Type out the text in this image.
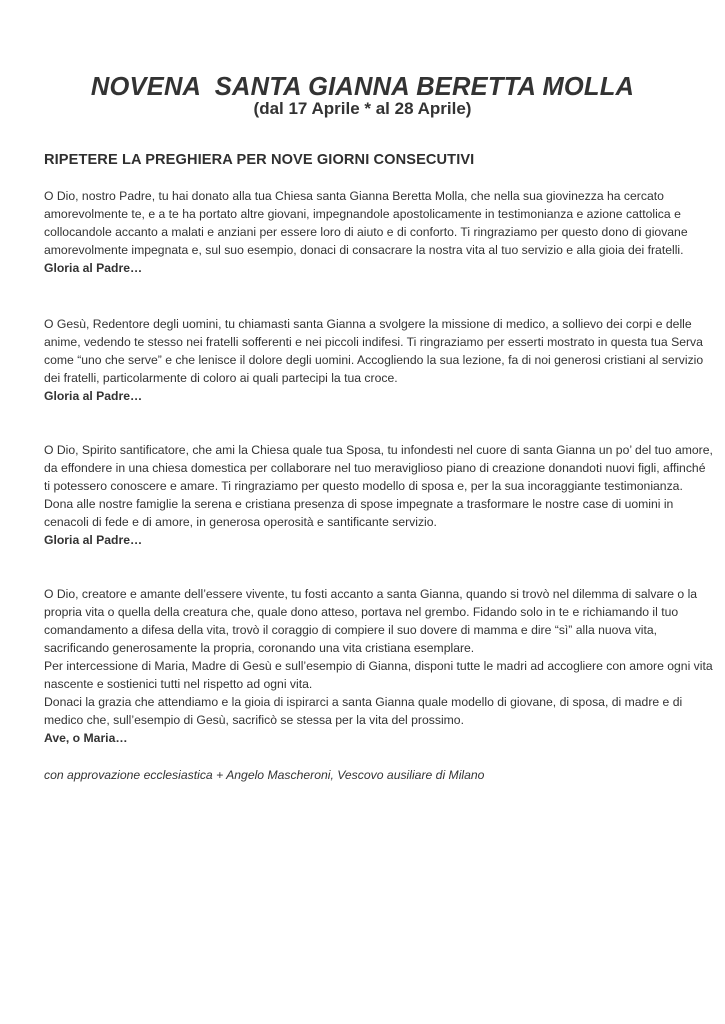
NOVENA  SANTA GIANNA BERETTA MOLLA
(dal 17 Aprile * al 28 Aprile)
RIPETERE LA PREGHIERA PER NOVE GIORNI CONSECUTIVI
O Dio, nostro Padre, tu hai donato alla tua Chiesa santa Gianna Beretta Molla, che nella sua giovinezza ha cercato
amorevolmente te, e a te ha portato altre giovani, impegnandole apostolicamente in testimonianza e azione cattolica e
collocandole accanto a malati e anziani per essere loro di aiuto e di conforto. Ti ringraziamo per questo dono di giovane
amorevolmente impegnata e, sul suo esempio, donaci di consacrare la nostra vita al tuo servizio e alla gioia dei fratelli.
Gloria al Padre…
O Gesù, Redentore degli uomini, tu chiamasti santa Gianna a svolgere la missione di medico, a sollievo dei corpi e delle
anime, vedendo te stesso nei fratelli sofferenti e nei piccoli indifesi. Ti ringraziamo per esserti mostrato in questa tua Serva
come “uno che serve” e che lenisce il dolore degli uomini. Accogliendo la sua lezione, fa di noi generosi cristiani al servizio
dei fratelli, particolarmente di coloro ai quali partecipi la tua croce.
Gloria al Padre…
O Dio, Spirito santificatore, che ami la Chiesa quale tua Sposa, tu infondesti nel cuore di santa Gianna un po’ del tuo amore,
da effondere in una chiesa domestica per collaborare nel tuo meraviglioso piano di creazione donandoti nuovi figli, affinché
ti potessero conoscere e amare. Ti ringraziamo per questo modello di sposa e, per la sua incoraggiante testimonianza.
Dona alle nostre famiglie la serena e cristiana presenza di spose impegnate a trasformare le nostre case di uomini in
cenacoli di fede e di amore, in generosa operosità e santificante servizio.
Gloria al Padre…
O Dio, creatore e amante dell’essere vivente, tu fosti accanto a santa Gianna, quando si trovò nel dilemma di salvare o la
propria vita o quella della creatura che, quale dono atteso, portava nel grembo. Fidando solo in te e richiamando il tuo
comandamento a difesa della vita, trovò il coraggio di compiere il suo dovere di mamma e dire “sì” alla nuova vita,
sacrificando generosamente la propria, coronando una vita cristiana esemplare.
Per intercessione di Maria, Madre di Gesù e sull’esempio di Gianna, disponi tutte le madri ad accogliere con amore ogni vita
nascente e sostienici tutti nel rispetto ad ogni vita.
Donaci la grazia che attendiamo e la gioia di ispirarci a santa Gianna quale modello di giovane, di sposa, di madre e di
medico che, sull’esempio di Gesù, sacrificò se stessa per la vita del prossimo.
Ave, o Maria…
con approvazione ecclesiastica + Angelo Mascheroni, Vescovo ausiliare di Milano
